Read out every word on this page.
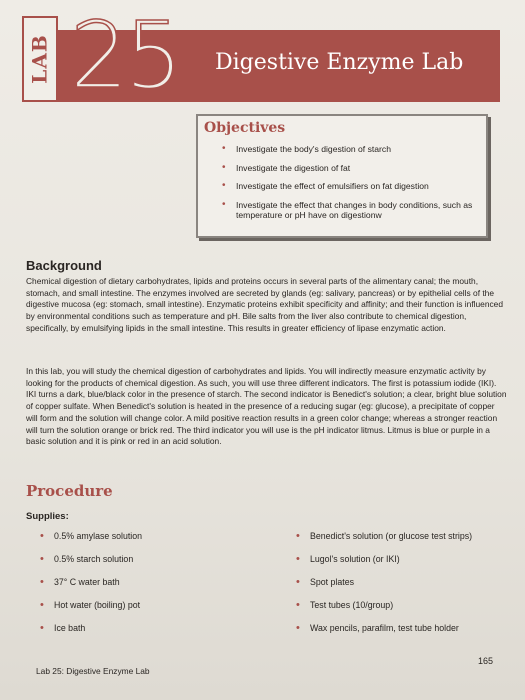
LAB 25 Digestive Enzyme Lab
Objectives
• Investigate the body's digestion of starch
• Investigate the digestion of fat
• Investigate the effect of emulsifiers on fat digestion
• Investigate the effect that changes in body conditions, such as temperature or pH have on digestionw
Background

Chemical digestion of dietary carbohydrates, lipids and proteins occurs in several parts of the alimentary canal; the mouth, stomach, and small intestine. The enzymes involved are secreted by glands (eg: salivary, pancreas) or by epithelial cells of the digestive mucosa (eg: stomach, small intestine). Enzymatic proteins exhibit specificity and affinity; and their function is influenced by environmental conditions such as temperature and pH. Bile salts from the liver also contribute to chemical digestion, specifically, by emulsifying lipids in the small intestine. This results in greater efficiency of lipase enzymatic action.

In this lab, you will study the chemical digestion of carbohydrates and lipids. You will indirectly measure enzymatic activity by looking for the products of chemical digestion. As such, you will use three different indicators. The first is potassium iodide (IKI). IKI turns a dark, blue/black color in the presence of starch. The second indicator is Benedict's solution; a clear, bright blue solution of copper sulfate. When Benedict's solution is heated in the presence of a reducing sugar (eg: glucose), a precipitate of copper will form and the solution will change color. A mild positive reaction results in a green color change; whereas a stronger reaction will turn the solution orange or brick red. The third indicator you will use is the pH indicator litmus. Litmus is blue or purple in a basic solution and it is pink or red in an acid solution.

Procedure
Supplies:
• 0.5% amylase solution
• 0.5% starch solution
• 37° C water bath
• Hot water (boiling) pot
• Ice bath
• Benedict's solution (or glucose test strips)
• Lugol's solution (or IKI)
• Spot plates
• Test tubes (10/group)
• Wax pencils, parafilm, test tube holder
Lab 25: Digestive Enzyme Lab
165
